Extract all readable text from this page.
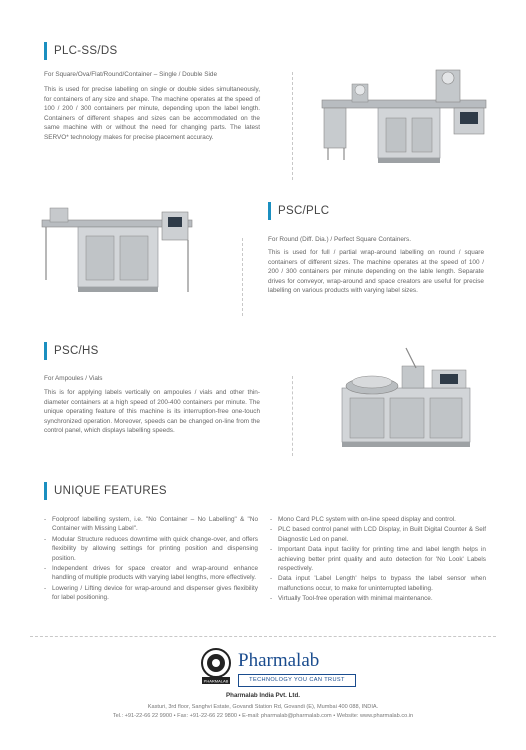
PLC-SS/DS
For Square/Ova/Flat/Round/Container – Single / Double Side
This is used for precise labelling on single or double sides simultaneously, for containers of any size and shape. The machine operates at the speed of 100 / 200 / 300 containers per minute, depending upon the label length. Containers of different shapes and sizes can be accommodated on the same machine with or without the need for changing parts. The latest SERVO* technology makes for precise placement accuracy.
PSC/PLC
For Round (Diff. Dia.) / Perfect Square Containers.
This is used for full / partial wrap-around labelling on round / square containers of different sizes. The machine operates at the speed of 100 / 200 / 300 containers per minute depending on the lable length. Separate drives for conveyor, wrap-around and space creators are useful for precise labelling on various products with varying label sizes.
PSC/HS
For Ampoules / Vials
This is for applying labels vertically on ampoules / vials and other thin-diameter containers at a high speed of 200-400 containers per minute. The unique operating feature of this machine is its interruption-free one-touch synchronized operation. Moreover, speeds can be changed on-line from the control panel, which displays labelling speeds.
UNIQUE FEATURES
- Foolproof labelling system, i.e. "No Container – No Labelling" & "No Container with Missing Label".
- Modular Structure reduces downtime with quick change-over, and offers flexibility by allowing settings for printing position and dispensing position.
- Independent drives for space creator and wrap-around enhance handling of multiple products with varying label lengths, more effectively.
- Lowering / Lifting device for wrap-around and dispenser gives flexibility for label positioning.
- Mono Card PLC system with on-line speed display and control.
- PLC based control panel with LCD Display, in Built Digital Counter & Self Diagnostic Led on panel.
- Important Data input facility for printing time and label length helps in achieving better print quality and auto detection for 'No Look' Labels respectively.
- Data input 'Label Length' helps to bypass the label sensor when malfunctions occur, to make for uninterrupted labelling.
- Virtually Tool-free operation with minimal maintenance.
PHARMALAB
Pharmalab
TECHNOLOGY YOU CAN TRUST
Pharmalab India Pvt. Ltd.
Kasturi, 3rd floor, Sanghvi Estate, Govandi Station Rd, Govandi (E), Mumbai 400 088, INDIA.
Tel.: +91-22-66 22 9900 • Fax: +91-22-66 22 9800 • E-mail: pharmalab@pharmalab.com • Website: www.pharmalab.co.in
